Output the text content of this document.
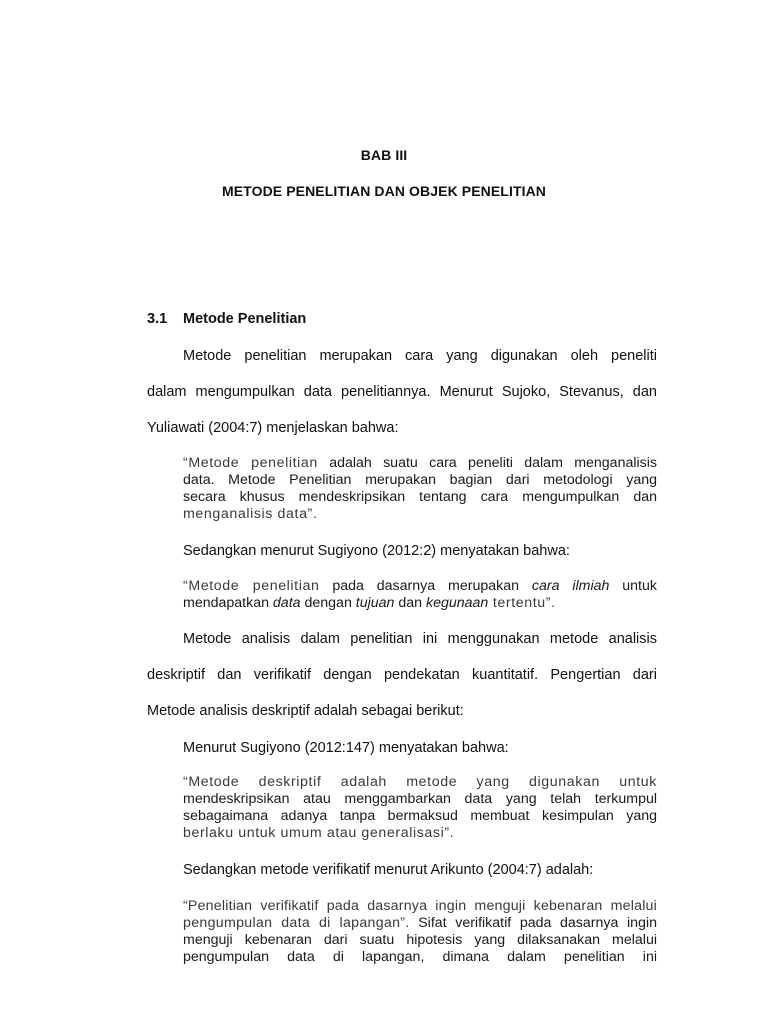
BAB III
METODE PENELITIAN DAN OBJEK PENELITIAN
3.1 Metode Penelitian
Metode penelitian merupakan cara yang digunakan oleh peneliti
dalam mengumpulkan data penelitiannya. Menurut Sujoko, Stevanus, dan
Yuliawati (2004:7) menjelaskan bahwa:
“Metode penelitian adalah suatu cara peneliti dalam menganalisis
data. Metode Penelitian merupakan bagian dari metodologi yang
secara khusus mendeskripsikan tentang cara mengumpulkan dan
menganalisis data”.
Sedangkan menurut Sugiyono (2012:2) menyatakan bahwa:
“Metode penelitian pada dasarnya merupakan cara ilmiah untuk
mendapatkan data dengan tujuan dan kegunaan tertentu”.
Metode analisis dalam penelitian ini menggunakan metode analisis
deskriptif dan verifikatif dengan pendekatan kuantitatif. Pengertian dari
Metode analisis deskriptif adalah sebagai berikut:
Menurut Sugiyono (2012:147) menyatakan bahwa:
“Metode deskriptif adalah metode yang digunakan untuk
mendeskripsikan atau menggambarkan data yang telah terkumpul
sebagaimana adanya tanpa bermaksud membuat kesimpulan yang
berlaku untuk umum atau generalisasi”.
Sedangkan metode verifikatif menurut Arikunto (2004:7) adalah:
“Penelitian verifikatif pada dasarnya ingin menguji kebenaran melalui
pengumpulan data di lapangan”. Sifat verifikatif pada dasarnya ingin
menguji kebenaran dari suatu hipotesis yang dilaksanakan melalui
pengumpulan data di lapangan, dimana dalam penelitian ini
